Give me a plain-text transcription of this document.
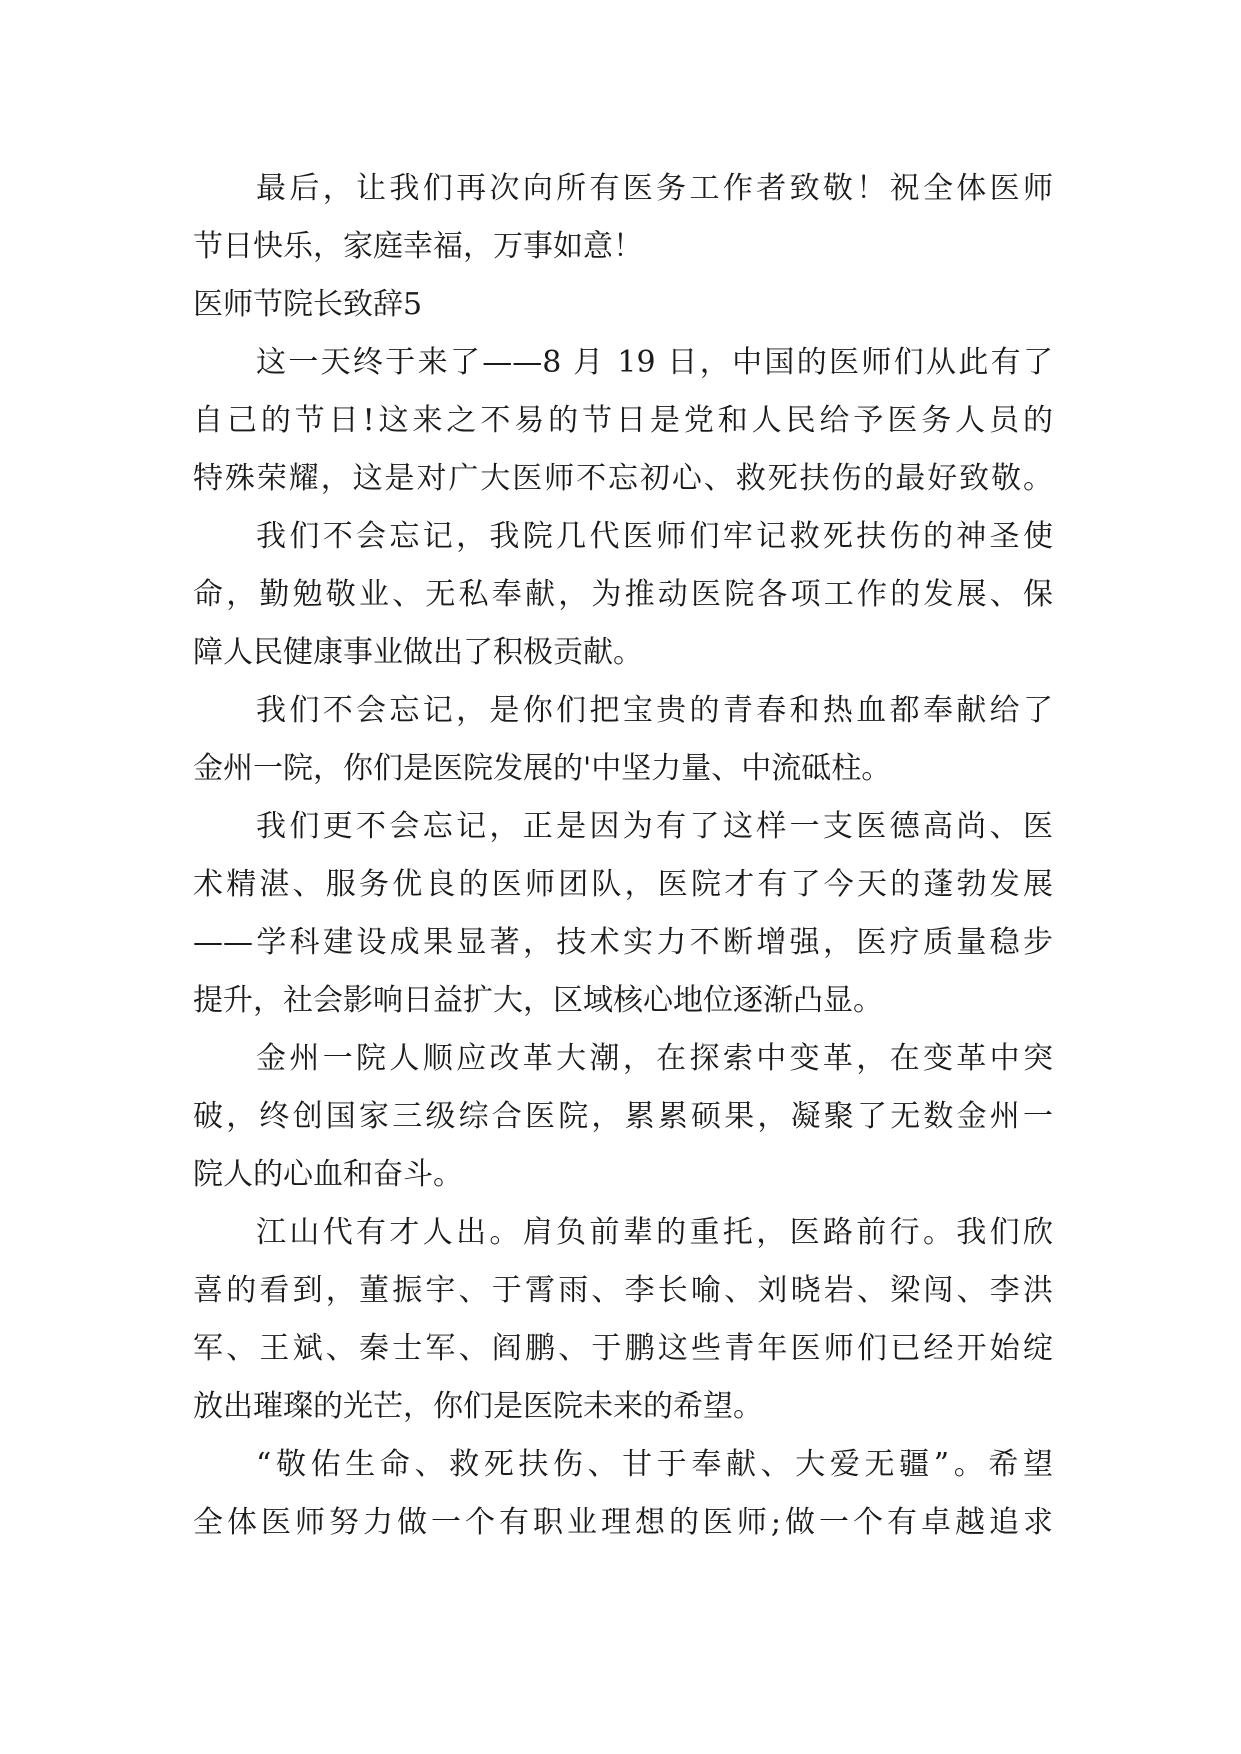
最后，让我们再次向所有医务工作者致敬！祝全体医师
节日快乐，家庭幸福，万事如意！
医师节院长致辞5
这一天终于来了——8 月 19 日，中国的医师们从此有了
自己的节日!这来之不易的节日是党和人民给予医务人员的
特殊荣耀，这是对广大医师不忘初心、救死扶伤的最好致敬。
我们不会忘记，我院几代医师们牢记救死扶伤的神圣使
命，勤勉敬业、无私奉献，为推动医院各项工作的发展、保
障人民健康事业做出了积极贡献。
我们不会忘记，是你们把宝贵的青春和热血都奉献给了
金州一院，你们是医院发展的'中坚力量、中流砥柱。
我们更不会忘记，正是因为有了这样一支医德高尚、医
术精湛、服务优良的医师团队，医院才有了今天的蓬勃发展
——学科建设成果显著，技术实力不断增强，医疗质量稳步
提升，社会影响日益扩大，区域核心地位逐渐凸显。
金州一院人顺应改革大潮，在探索中变革，在变革中突
破，终创国家三级综合医院，累累硕果，凝聚了无数金州一
院人的心血和奋斗。
江山代有才人出。肩负前辈的重托，医路前行。我们欣
喜的看到，董振宇、于霄雨、李长喻、刘晓岩、梁闯、李洪
军、王斌、秦士军、阎鹏、于鹏这些青年医师们已经开始绽
放出璀璨的光芒，你们是医院未来的希望。
“敬佑生命、救死扶伤、甘于奉献、大爱无疆”。希望
全体医师努力做一个有职业理想的医师;做一个有卓越追求
